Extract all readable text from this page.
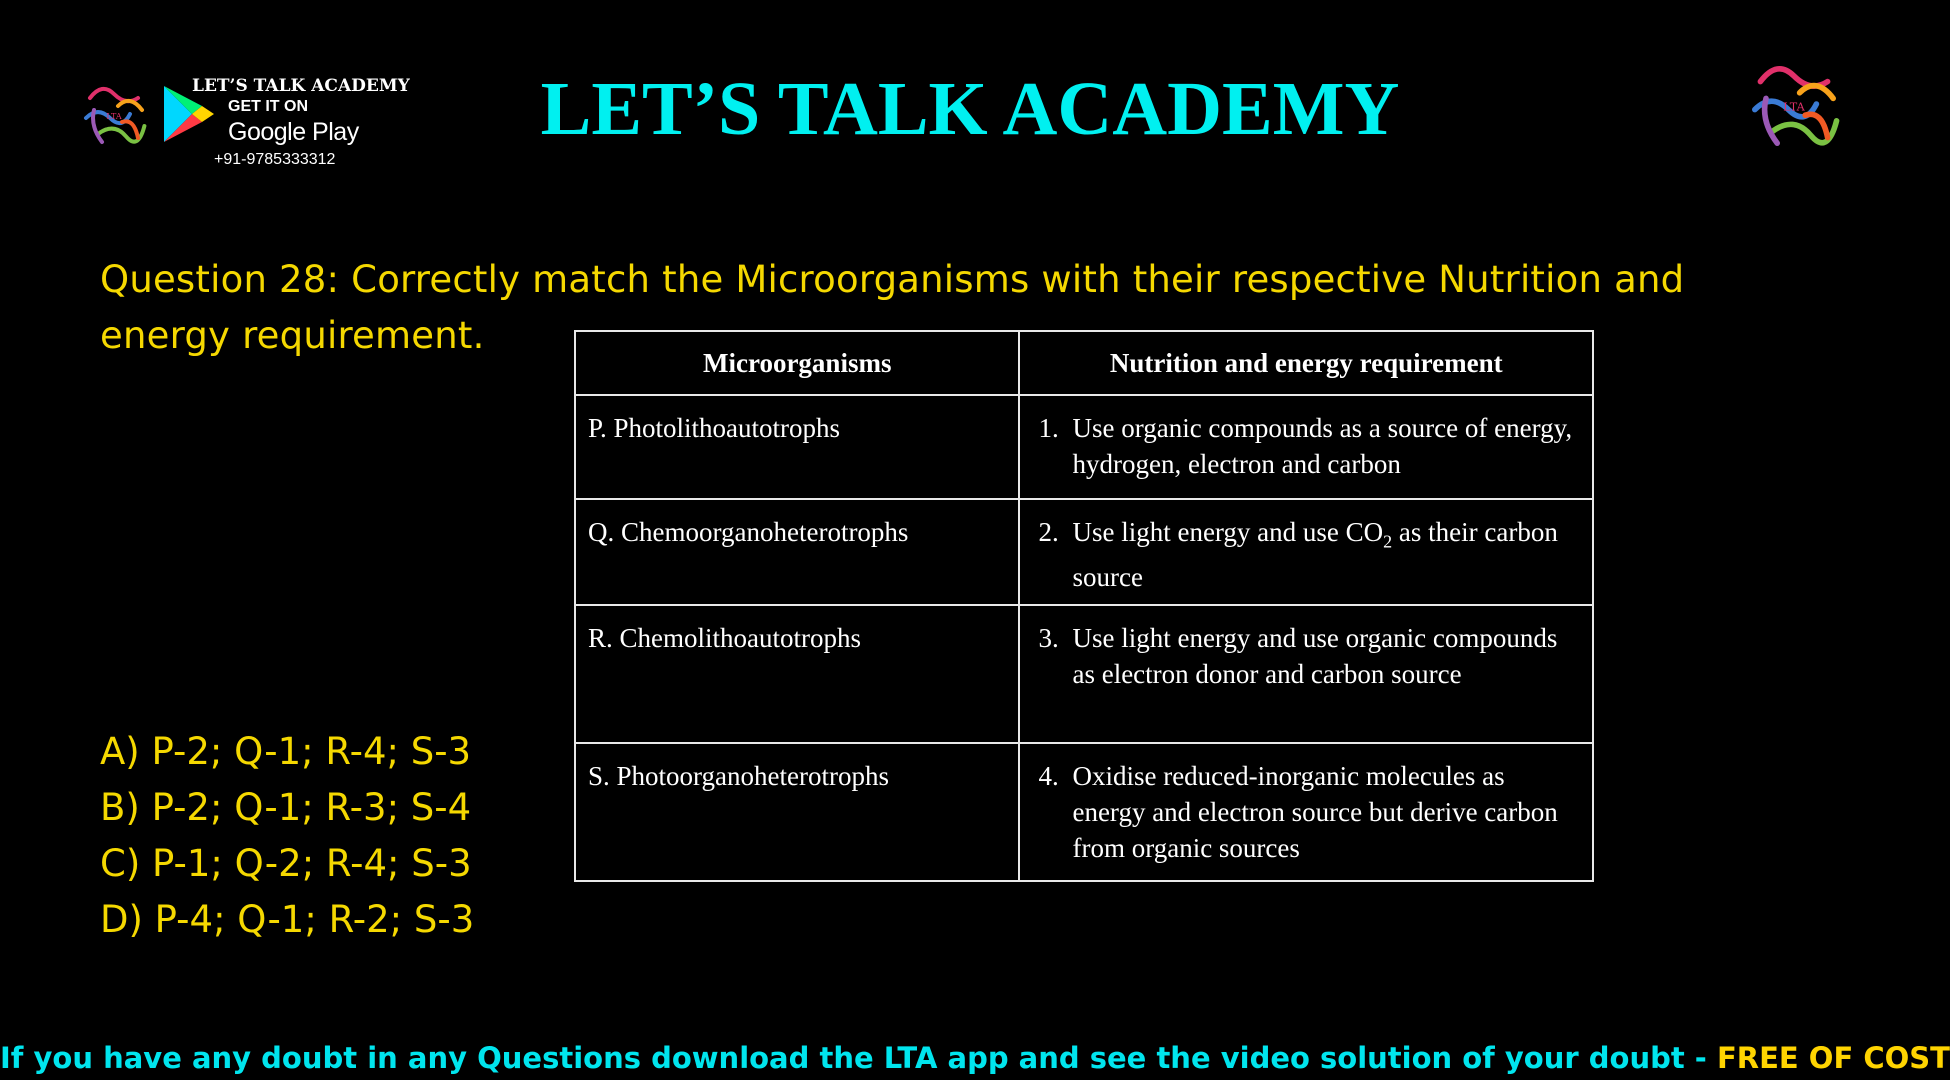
LTA
LET’S TALK ACADEMY
GET IT ON
Google Play
+91-9785333312
LET’S TALK ACADEMY	LTA
Question 28: Correctly match the Microorganisms with their respective Nutrition and energy requirement.
Microorganisms	Nutrition and energy requirement
P. Photolithoautotrophs	1. Use organic compounds as a source of energy, hydrogen, electron and carbon

Q. Chemoorganoheterotrophs	2. Use light energy and use $CO_2$ as their carbon source

R. Chemolithoautotrophs	3. Use light energy and use organic compounds as electron donor and carbon source

S. Photoorganoheterotrophs	4. Oxidise reduced-inorganic molecules as energy and electron source but derive carbon from organic sources
A) P-2; Q-1; R-4; S-3
B) P-2; Q-1; R-3; S-4
C) P-1; Q-2; R-4; S-3
D) P-4; Q-1; R-2; S-3
If you have any doubt in any Questions download the LTA app and see the video solution of your doubt - FREE OF COST
